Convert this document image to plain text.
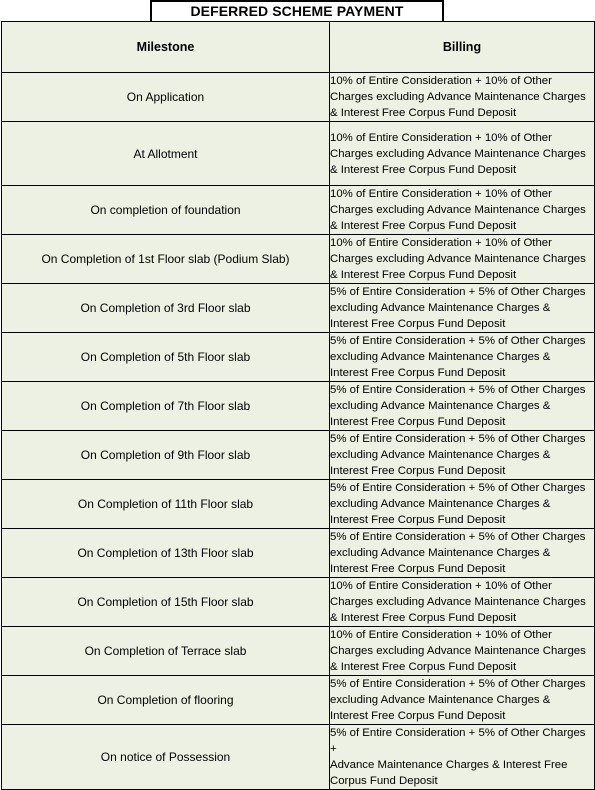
DEFERRED SCHEME PAYMENT
Milestone	Billing
On Application	10% of Entire Consideration + 10% of Other
Charges excluding Advance Maintenance Charges
& Interest Free Corpus Fund Deposit

At Allotment	10% of Entire Consideration + 10% of Other
Charges excluding Advance Maintenance Charges
& Interest Free Corpus Fund Deposit

On completion of foundation	10% of Entire Consideration + 10% of Other
Charges excluding Advance Maintenance Charges
& Interest Free Corpus Fund Deposit

On Completion of 1st Floor slab (Podium Slab)	10% of Entire Consideration + 10% of Other
Charges excluding Advance Maintenance Charges
& Interest Free Corpus Fund Deposit

On Completion of 3rd Floor slab	5% of Entire Consideration + 5% of Other Charges
excluding Advance Maintenance Charges &
Interest Free Corpus Fund Deposit

On Completion of 5th Floor slab	5% of Entire Consideration + 5% of Other Charges
excluding Advance Maintenance Charges &
Interest Free Corpus Fund Deposit

On Completion of 7th Floor slab	5% of Entire Consideration + 5% of Other Charges
excluding Advance Maintenance Charges &
Interest Free Corpus Fund Deposit

On Completion of 9th Floor slab	5% of Entire Consideration + 5% of Other Charges
excluding Advance Maintenance Charges &
Interest Free Corpus Fund Deposit

On Completion of 11th Floor slab	5% of Entire Consideration + 5% of Other Charges
excluding Advance Maintenance Charges &
Interest Free Corpus Fund Deposit

On Completion of 13th Floor slab	5% of Entire Consideration + 5% of Other Charges
excluding Advance Maintenance Charges &
Interest Free Corpus Fund Deposit

On Completion of 15th Floor slab	10% of Entire Consideration + 10% of Other
Charges excluding Advance Maintenance Charges
& Interest Free Corpus Fund Deposit

On Completion of Terrace slab	10% of Entire Consideration + 10% of Other
Charges excluding Advance Maintenance Charges
& Interest Free Corpus Fund Deposit

On Completion of flooring	5% of Entire Consideration + 5% of Other Charges
excluding Advance Maintenance Charges &
Interest Free Corpus Fund Deposit

On notice of Possession	5% of Entire Consideration + 5% of Other Charges +
Advance Maintenance Charges & Interest Free
Corpus Fund Deposit
